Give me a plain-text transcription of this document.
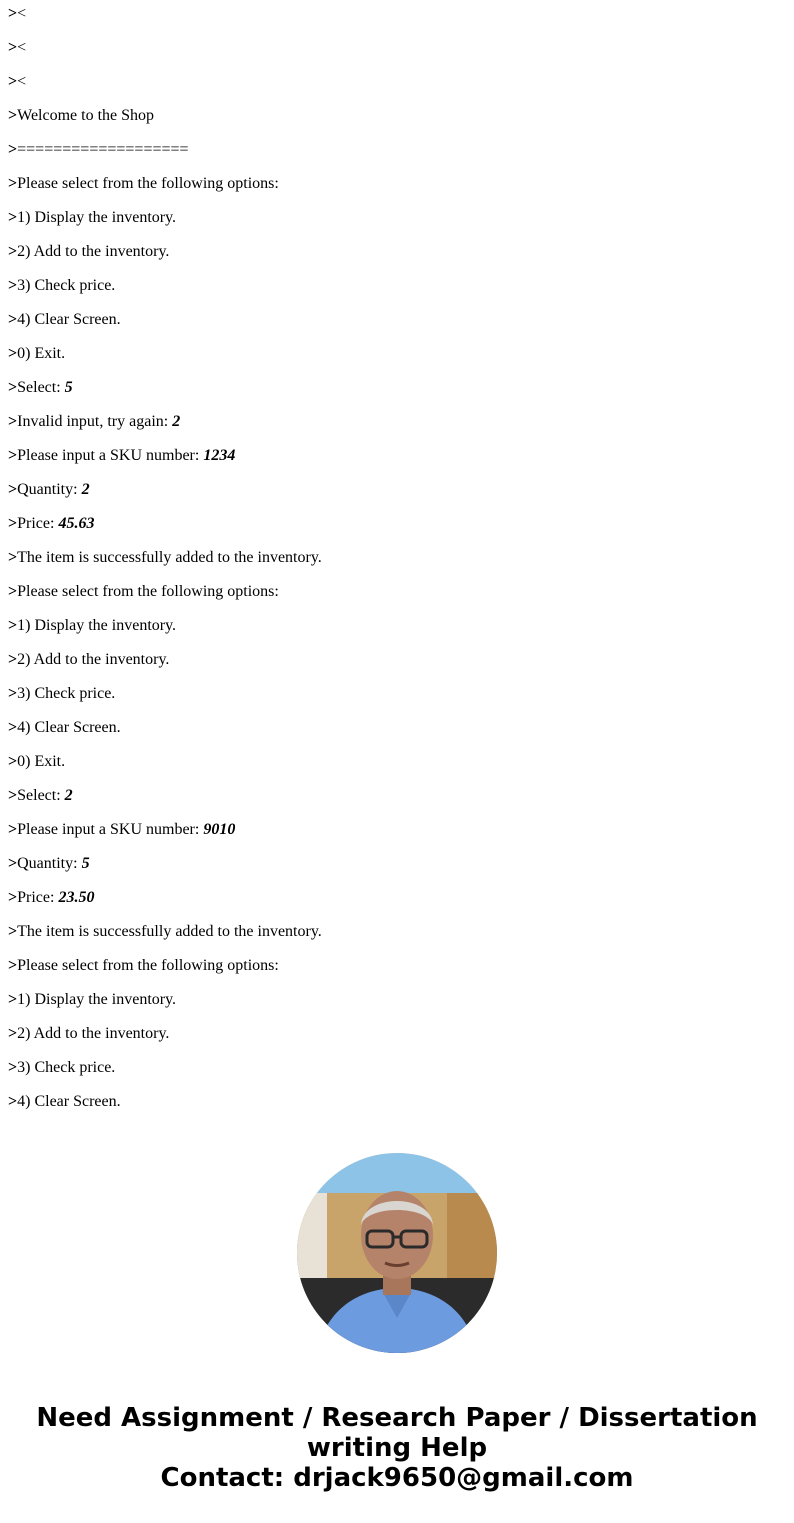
><
><
><
>Welcome to the Shop
>===================
>Please select from the following options:
>1) Display the inventory.
>2) Add to the inventory.
>3) Check price.
>4) Clear Screen.
>0) Exit.
>Select: 5
>Invalid input, try again: 2
>Please input a SKU number: 1234
>Quantity: 2
>Price: 45.63
>The item is successfully added to the inventory.
>Please select from the following options:
>1) Display the inventory.
>2) Add to the inventory.
>3) Check price.
>4) Clear Screen.
>0) Exit.
>Select: 2
>Please input a SKU number: 9010
>Quantity: 5
>Price: 23.50
>The item is successfully added to the inventory.
>Please select from the following options:
>1) Display the inventory.
>2) Add to the inventory.
>3) Check price.
>4) Clear Screen.
Need Assignment / Research Paper / Dissertation writing Help
Contact: drjack9650@gmail.com
